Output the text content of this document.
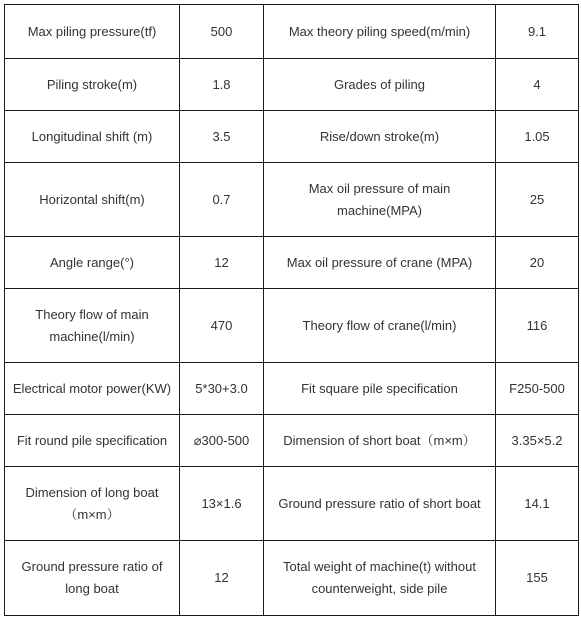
Max piling pressure(tf)	500	Max theory piling speed(m/min)	9.1
Piling stroke(m)	1.8	Grades of piling	4
Longitudinal shift (m)	3.5	Rise/down stroke(m)	1.05
Horizontal shift(m)	0.7	Max oil pressure of main machine(MPA)	25
Angle range(°)	12	Max oil pressure of crane (MPA)	20
Theory flow of main machine(l/min)	470	Theory flow of crane(l/min)	116
Electrical motor power(KW)	5*30+3.0	Fit square pile specification	F250-500
Fit round pile specification	⌀300-500	Dimension of short boat（m×m）	3.35×5.2
Dimension of long boat（m×m）	13×1.6	Ground pressure ratio of short boat	14.1
Ground pressure ratio of long boat	12	Total weight of machine(t) without counterweight, side pile	155
